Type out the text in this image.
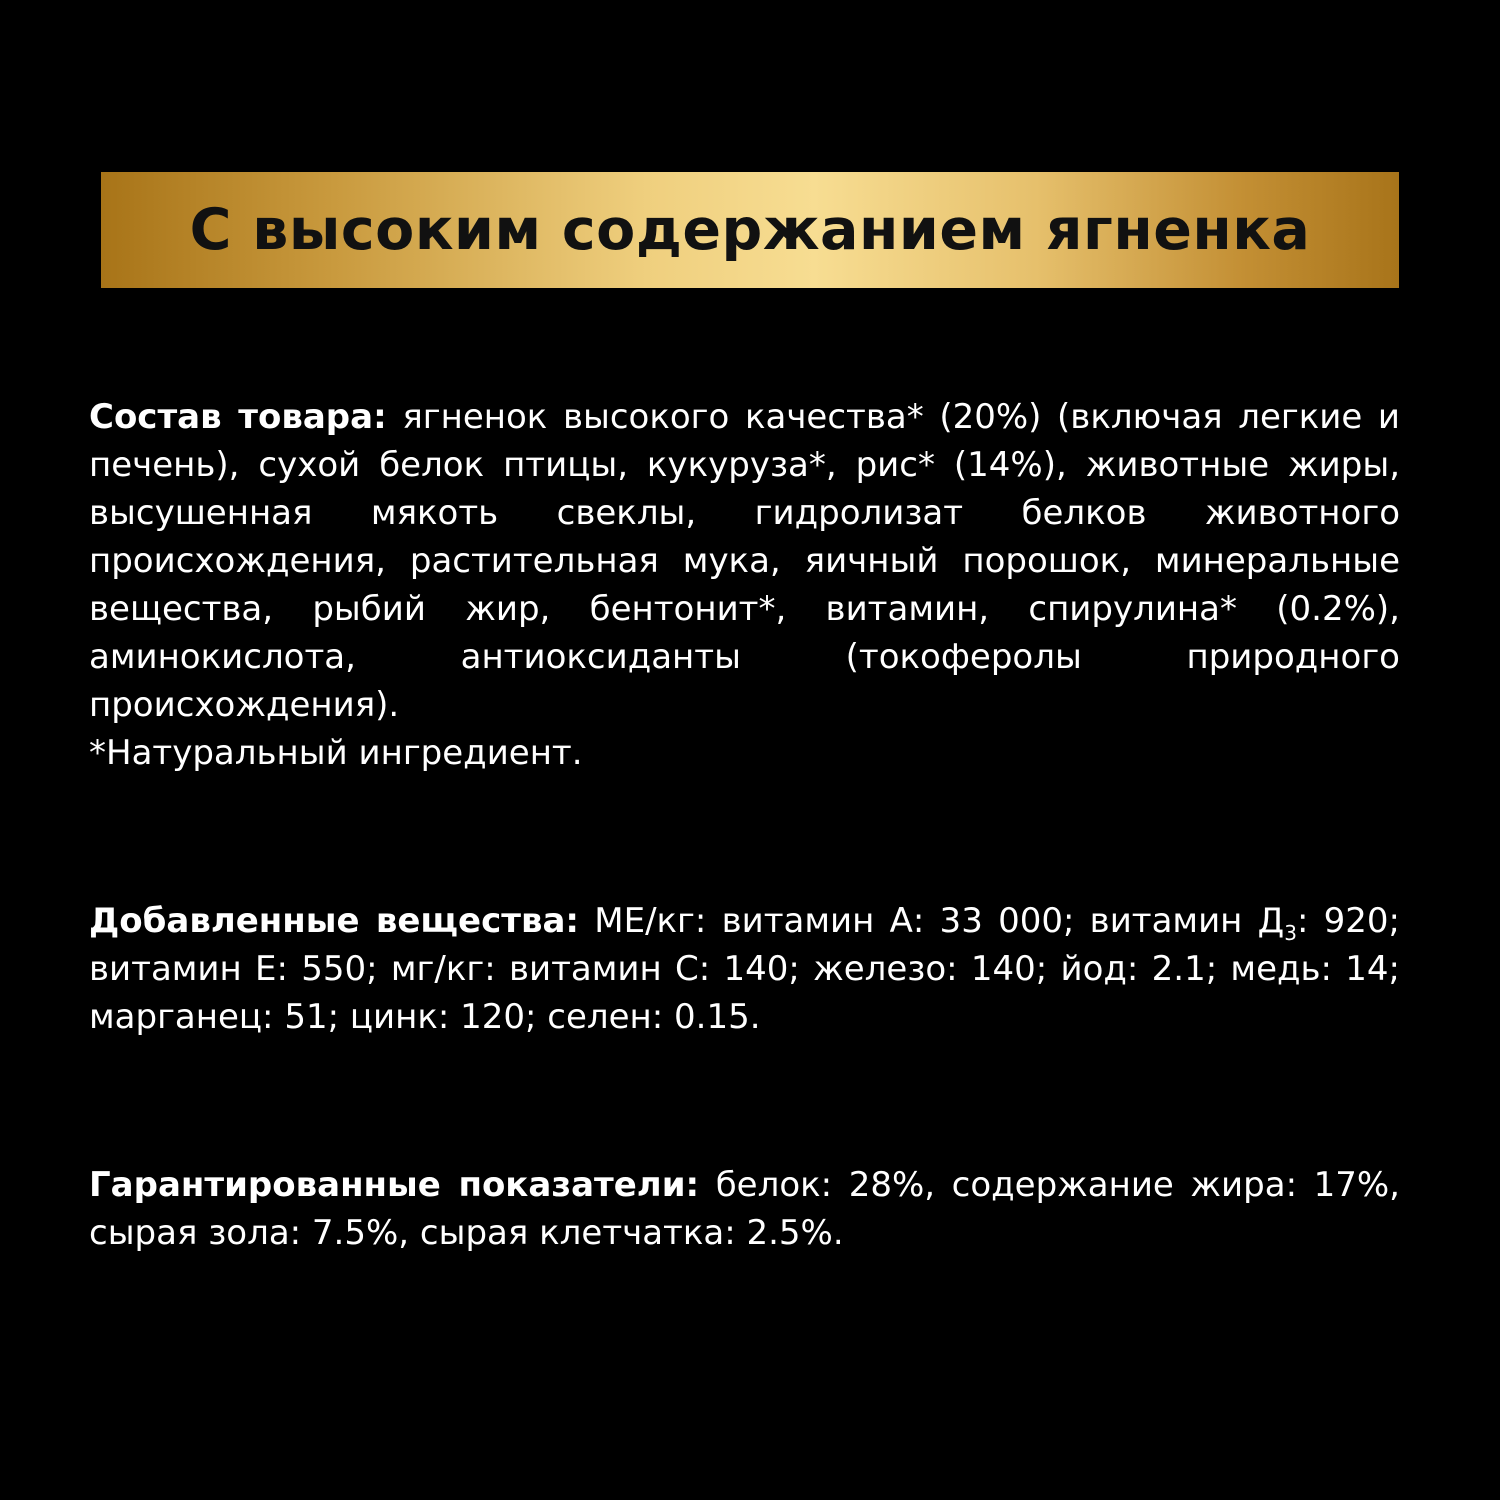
С высоким содержанием ягненка
Состав товара: ягненок высокого качества* (20%) (включая легкие и печень), сухой белок птицы, кукуруза*, рис* (14%), животные жиры, высушенная мякоть свеклы, гидролизат белков животного происхождения, растительная мука, яичный порошок, минеральные вещества, рыбий жир, бентонит*, витамин, спирулина* (0.2%), аминокислота, антиоксиданты (токоферолы природного происхождения).
*Натуральный ингредиент.
Добавленные вещества: МЕ/кг: витамин А: 33 000; витамин $Д_3$: 920; витамин Е: 550; мг/кг: витамин С: 140; железо: 140; йод: 2.1; медь: 14; марганец: 51; цинк: 120; селен: 0.15.
Гарантированные показатели: белок: 28%, содержание жира: 17%, сырая зола: 7.5%, сырая клетчатка: 2.5%.
